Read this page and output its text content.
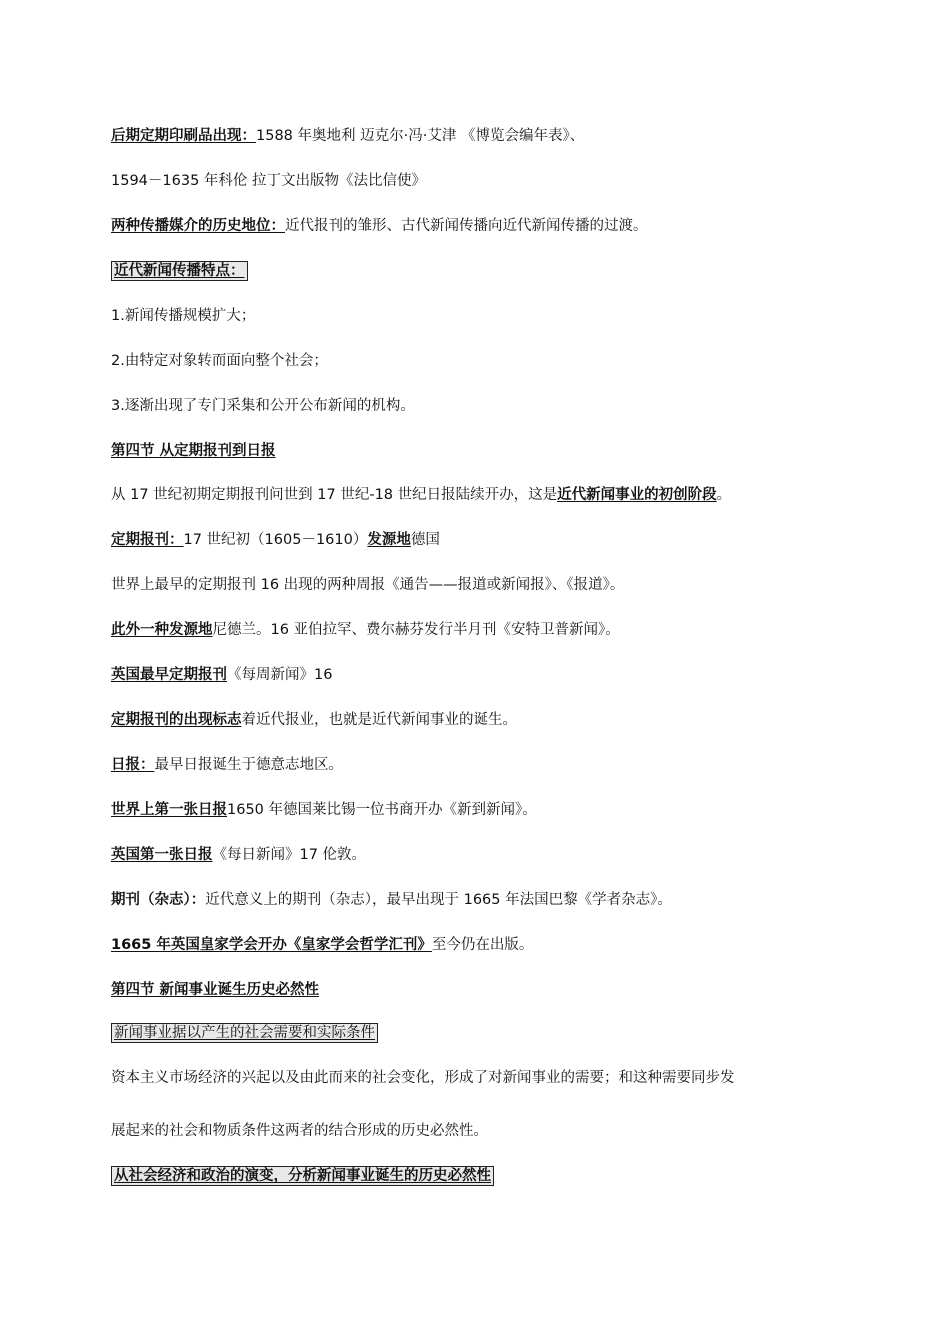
后期定期印刷品出现：1588 年奥地利 迈克尔·冯·艾津 《博览会编年表》、
1594－1635 年科伦 拉丁文出版物《法比信使》
两种传播媒介的历史地位：近代报刊的雏形、古代新闻传播向近代新闻传播的过渡。
近代新闻传播特点：
1.新闻传播规模扩大；
2.由特定对象转而面向整个社会；
3.逐渐出现了专门采集和公开公布新闻的机构。
第四节 从定期报刊到日报
从 17 世纪初期定期报刊问世到 17 世纪-18 世纪日报陆续开办，这是近代新闻事业的初创阶段。
定期报刊：17 世纪初（1605－1610）发源地德国
世界上最早的定期报刊 16 出现的两种周报《通告——报道或新闻报》、《报道》。
此外一种发源地尼德兰。16 亚伯拉罕、费尔赫芬发行半月刊《安特卫普新闻》。
英国最早定期报刊《每周新闻》16
定期报刊的出现标志着近代报业，也就是近代新闻事业的诞生。
日报：最早日报诞生于德意志地区。
世界上第一张日报1650 年德国莱比锡一位书商开办《新到新闻》。
英国第一张日报《每日新闻》17 伦敦。
期刊（杂志）：近代意义上的期刊（杂志），最早出现于 1665 年法国巴黎《学者杂志》。
1665 年英国皇家学会开办《皇家学会哲学汇刊》至今仍在出版。
第四节 新闻事业诞生历史必然性
新闻事业据以产生的社会需要和实际条件
资本主义市场经济的兴起以及由此而来的社会变化，形成了对新闻事业的需要；和这种需要同步发
展起来的社会和物质条件这两者的结合形成的历史必然性。
从社会经济和政治的演变，分析新闻事业诞生的历史必然性
